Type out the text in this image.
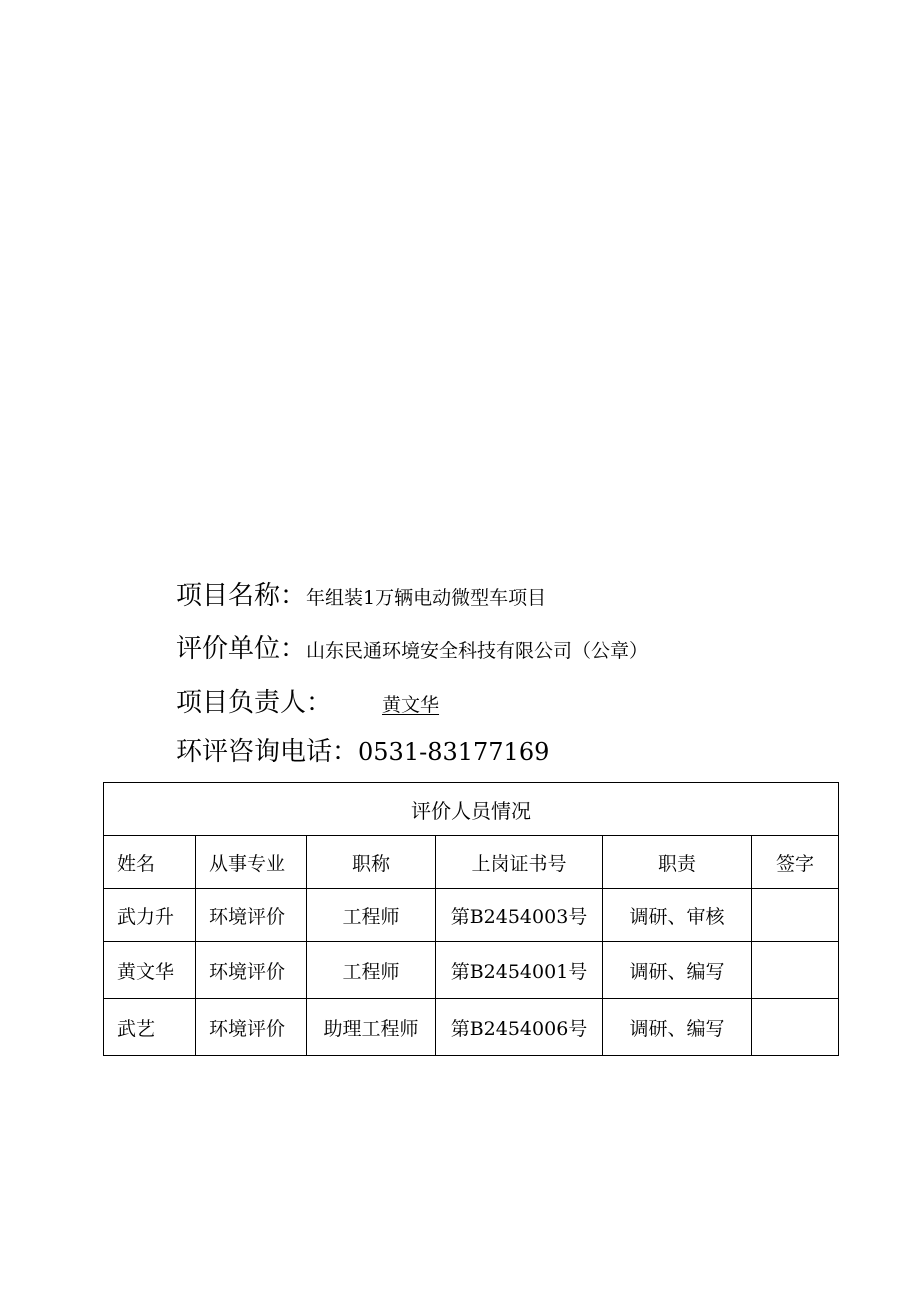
项目名称：年组装1万辆电动微型车项目
评价单位：山东民通环境安全科技有限公司（公章）
项目负责人：	黄文华
环评咨询电话：0531-83177169
评价人员情况					
姓名	从事专业	职称	上岗证书号	职责	签字
武力升	环境评价	工程师	第B2454003号	调研、审核	
黄文华	环境评价	工程师	第B2454001号	调研、编写	
武艺	环境评价	助理工程师	第B2454006号	调研、编写	
